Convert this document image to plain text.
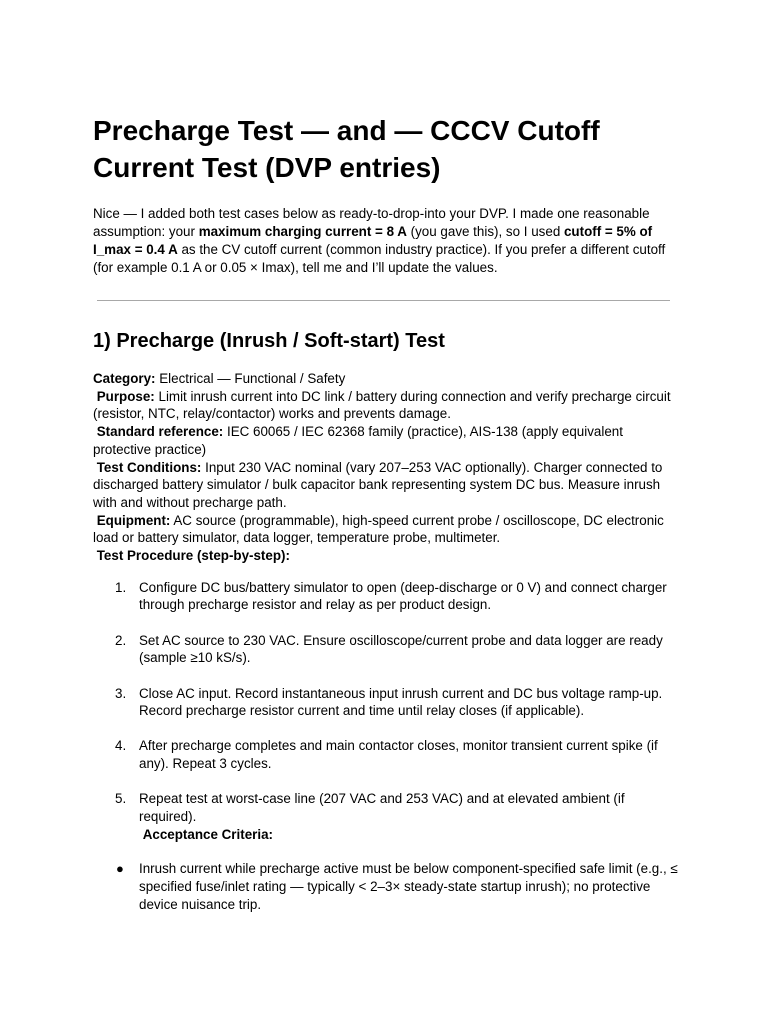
Precharge Test — and — CCCV Cutoff Current Test (DVP entries)

Nice — I added both test cases below as ready-to-drop-into your DVP. I made one reasonable assumption: your maximum charging current = 8 A (you gave this), so I used cutoff = 5% of I_max = 0.4 A as the CV cutoff current (common industry practice). If you prefer a different cutoff (for example 0.1 A or 0.05 × Imax), tell me and I’ll update the values.

1) Precharge (Inrush / Soft-start) Test
Category: Electrical — Functional / Safety
Purpose: Limit inrush current into DC link / battery during connection and verify precharge circuit (resistor, NTC, relay/contactor) works and prevents damage.
Standard reference: IEC 60065 / IEC 62368 family (practice), AIS-138 (apply equivalent protective practice)
Test Conditions: Input 230 VAC nominal (vary 207–253 VAC optionally). Charger connected to discharged battery simulator / bulk capacitor bank representing system DC bus. Measure inrush with and without precharge path.
Equipment: AC source (programmable), high-speed current probe / oscilloscope, DC electronic load or battery simulator, data logger, temperature probe, multimeter.
Test Procedure (step-by-step):
1. Configure DC bus/battery simulator to open (deep-discharge or 0 V) and connect charger through precharge resistor and relay as per product design.
2. Set AC source to 230 VAC. Ensure oscilloscope/current probe and data logger are ready (sample ≥10 kS/s).
3. Close AC input. Record instantaneous input inrush current and DC bus voltage ramp-up. Record precharge resistor current and time until relay closes (if applicable).
4. After precharge completes and main contactor closes, monitor transient current spike (if any). Repeat 3 cycles.
5. Repeat test at worst-case line (207 VAC and 253 VAC) and at elevated ambient (if required).
Acceptance Criteria:
● Inrush current while precharge active must be below component-specified safe limit (e.g., ≤ specified fuse/inlet rating — typically < 2–3× steady-state startup inrush); no protective device nuisance trip.
